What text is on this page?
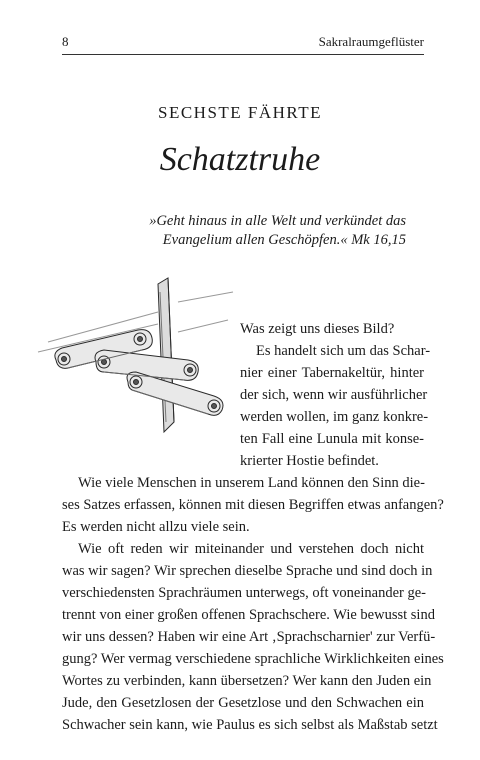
8	Sakralraumgeflüster
SECHSTE FÄHRTE
Schatztruhe
»Geht hinaus in alle Welt und verkündet das
Evangelium allen Geschöpfen.« Mk 16,15
Was zeigt uns dieses Bild?
Es handelt sich um das Schar-
nier einer Tabernakeltür, hinter
der sich, wenn wir ausführlicher
werden wollen, im ganz konkre-
ten Fall eine Lunula mit konse-
krierter Hostie befindet.
Wie viele Menschen in unserem Land können den Sinn die-
ses Satzes erfassen, können mit diesen Begriffen etwas anfangen?
Es werden nicht allzu viele sein.
Wie oft reden wir miteinander und verstehen doch nicht
was wir sagen? Wir sprechen dieselbe Sprache und sind doch in
verschiedensten Sprachräumen unterwegs, oft voneinander ge-
trennt von einer großen offenen Sprachschere. Wie bewusst sind
wir uns dessen? Haben wir eine Art ‚Sprachscharnier' zur Verfü-
gung? Wer vermag verschiedene sprachliche Wirklichkeiten eines
Wortes zu verbinden, kann übersetzen? Wer kann den Juden ein
Jude, den Gesetzlosen der Gesetzlose und den Schwachen ein
Schwacher sein kann, wie Paulus es sich selbst als Maßstab setzt
